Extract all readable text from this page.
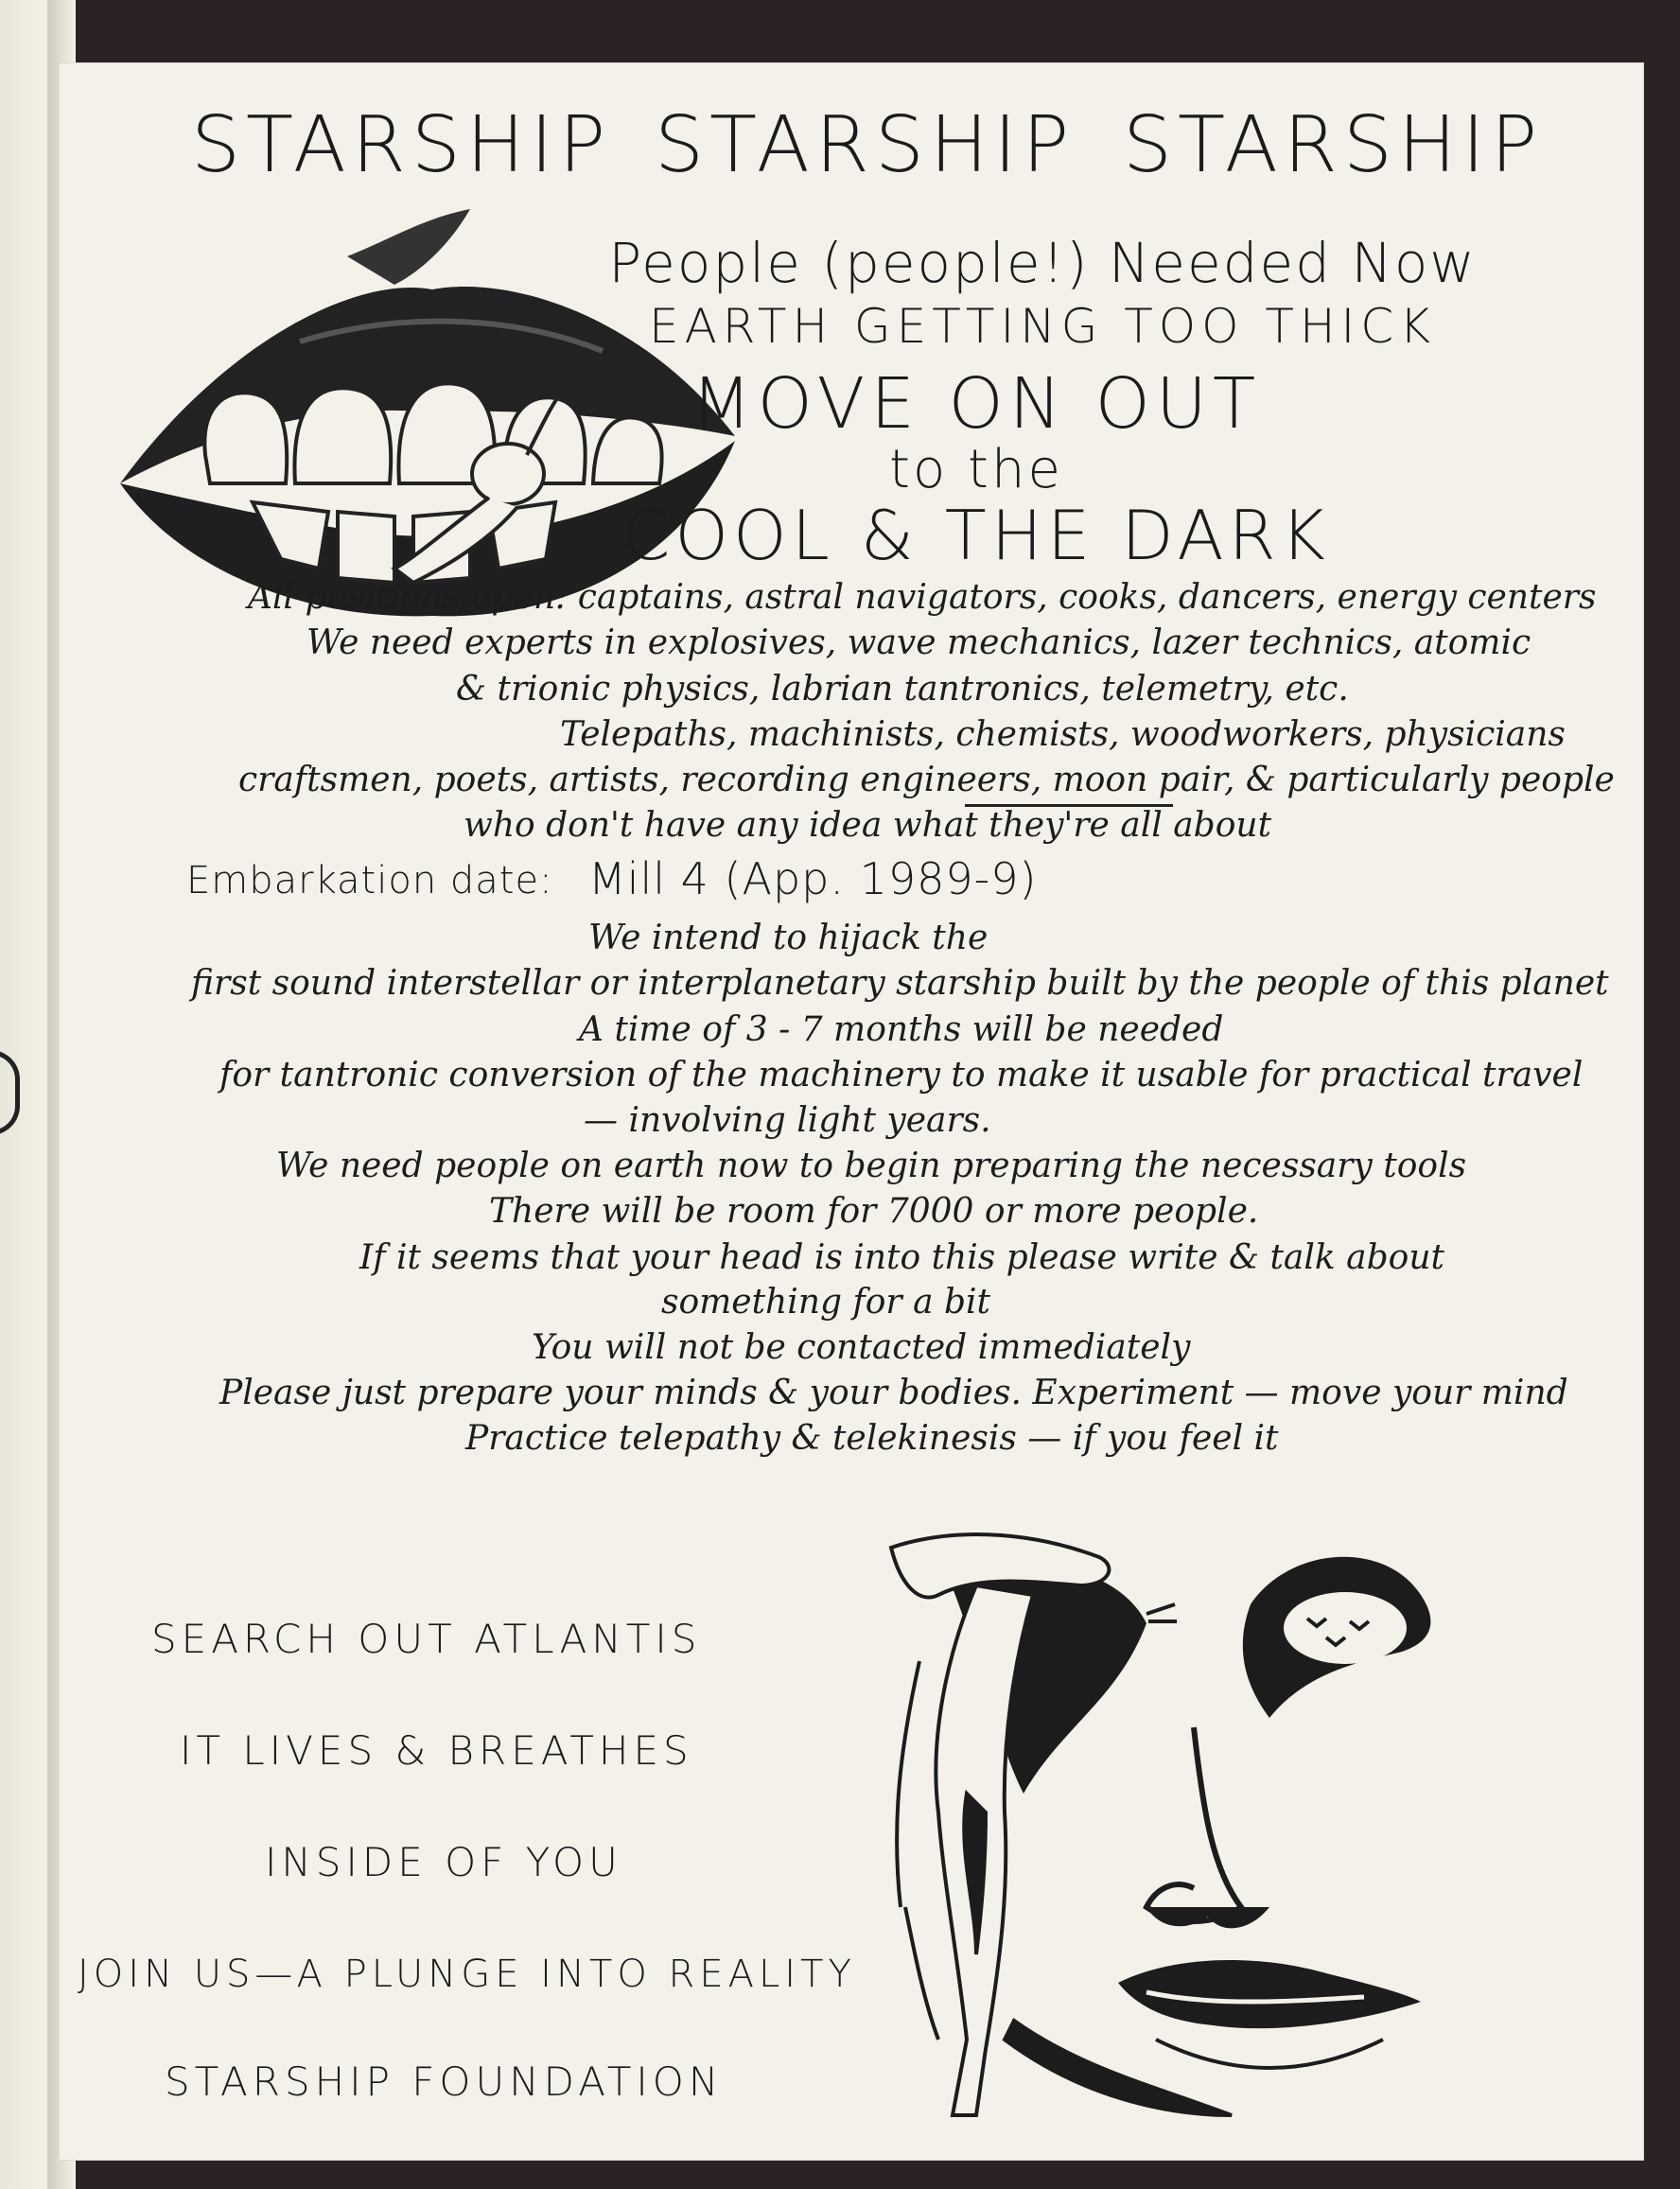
STARSHIP STARSHIP STARSHIP
People (people!) Needed Now
EARTH GETTING TOO THICK
MOVE ON OUT
to the
COOL & THE DARK
All positions open: captains, astral navigators, cooks, dancers, energy centers
We need experts in explosives, wave mechanics, lazer technics, atomic
& trionic physics, labrian tantronics, telemetry, etc.
Telepaths, machinists, chemists, woodworkers, physicians
craftsmen, poets, artists, recording engineers, moon pair, & particularly people
who don't have any idea what they're all about
Embarkation date: Mill 4 (App. 1989-9)
We intend to hijack the
first sound interstellar or interplanetary starship built by the people of this planet
A time of 3 - 7 months will be needed
for tantronic conversion of the machinery to make it usable for practical travel
— involving light years.
We need people on earth now to begin preparing the necessary tools
There will be room for 7000 or more people.
If it seems that your head is into this please write & talk about
something for a bit
You will not be contacted immediately
Please just prepare your minds & your bodies. Experiment — move your mind
Practice telepathy & telekinesis — if you feel it
SEARCH OUT ATLANTIS
IT LIVES & BREATHES
INSIDE OF YOU
JOIN US—A PLUNGE INTO REALITY
STARSHIP FOUNDATION
